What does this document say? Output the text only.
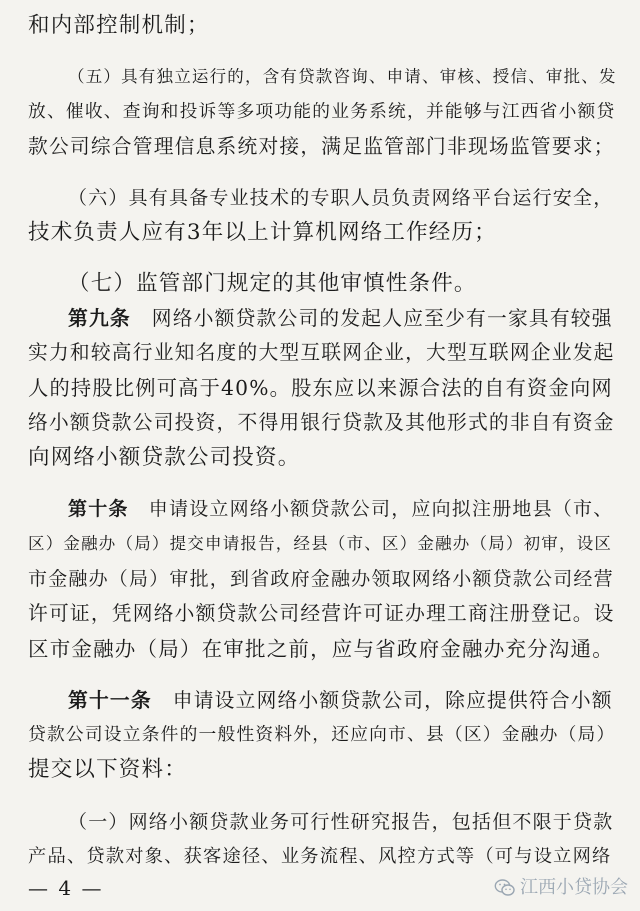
和内部控制机制；
（五）具有独立运行的，含有贷款咨询、申请、审核、授信、审批、发
放、催收、查询和投诉等多项功能的业务系统，并能够与江西省小额贷
款公司综合管理信息系统对接，满足监管部门非现场监管要求；
（六）具有具备专业技术的专职人员负责网络平台运行安全，
技术负责人应有3年以上计算机网络工作经历；
（七）监管部门规定的其他审慎性条件。
第九条　网络小额贷款公司的发起人应至少有一家具有较强
实力和较高行业知名度的大型互联网企业，大型互联网企业发起
人的持股比例可高于40%。股东应以来源合法的自有资金向网
络小额贷款公司投资，不得用银行贷款及其他形式的非自有资金
向网络小额贷款公司投资。
第十条　申请设立网络小额贷款公司，应向拟注册地县（市、
区）金融办（局）提交申请报告，经县（市、区）金融办（局）初审，设区
市金融办（局）审批，到省政府金融办领取网络小额贷款公司经营
许可证，凭网络小额贷款公司经营许可证办理工商注册登记。设
区市金融办（局）在审批之前，应与省政府金融办充分沟通。
第十一条　申请设立网络小额贷款公司，除应提供符合小额
贷款公司设立条件的一般性资料外，还应向市、县（区）金融办（局）
提交以下资料：
（一）网络小额贷款业务可行性研究报告，包括但不限于贷款
产品、贷款对象、获客途径、业务流程、风控方式等（可与设立网络
— 4 —	江西小贷协会
